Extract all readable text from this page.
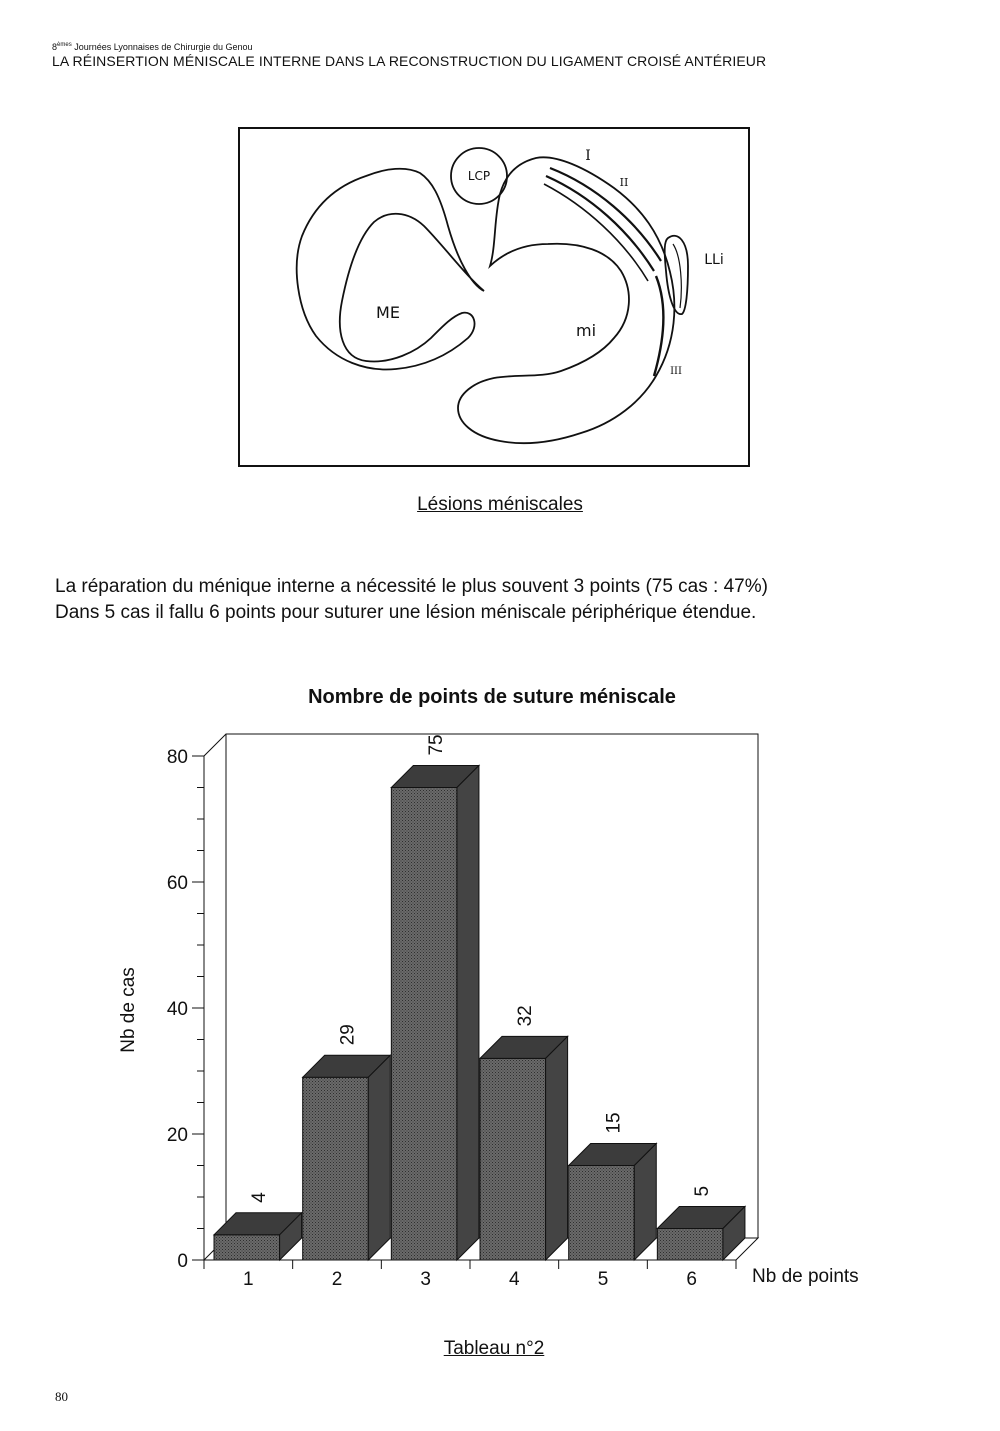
8èmes Journées Lyonnaises de Chirurgie du Genou
LA RÉINSERTION MÉNISCALE INTERNE DANS LA RECONSTRUCTION DU LIGAMENT CROISÉ ANTÉRIEUR
LCP
ME
mi
LLi
I
II
III
Lésions méniscales

La réparation du ménique interne a nécessité le plus souvent 3 points (75 cas : 47%)

Dans 5 cas il fallu 6 points pour suturer une lésion méniscale périphérique étendue.

Nombre de points de suture méniscale
0
20
40
60
80
4
29
75
32
15
5
1	2	3	4	5	6	Nb de points
Nb de cas
Tableau n°2
80
